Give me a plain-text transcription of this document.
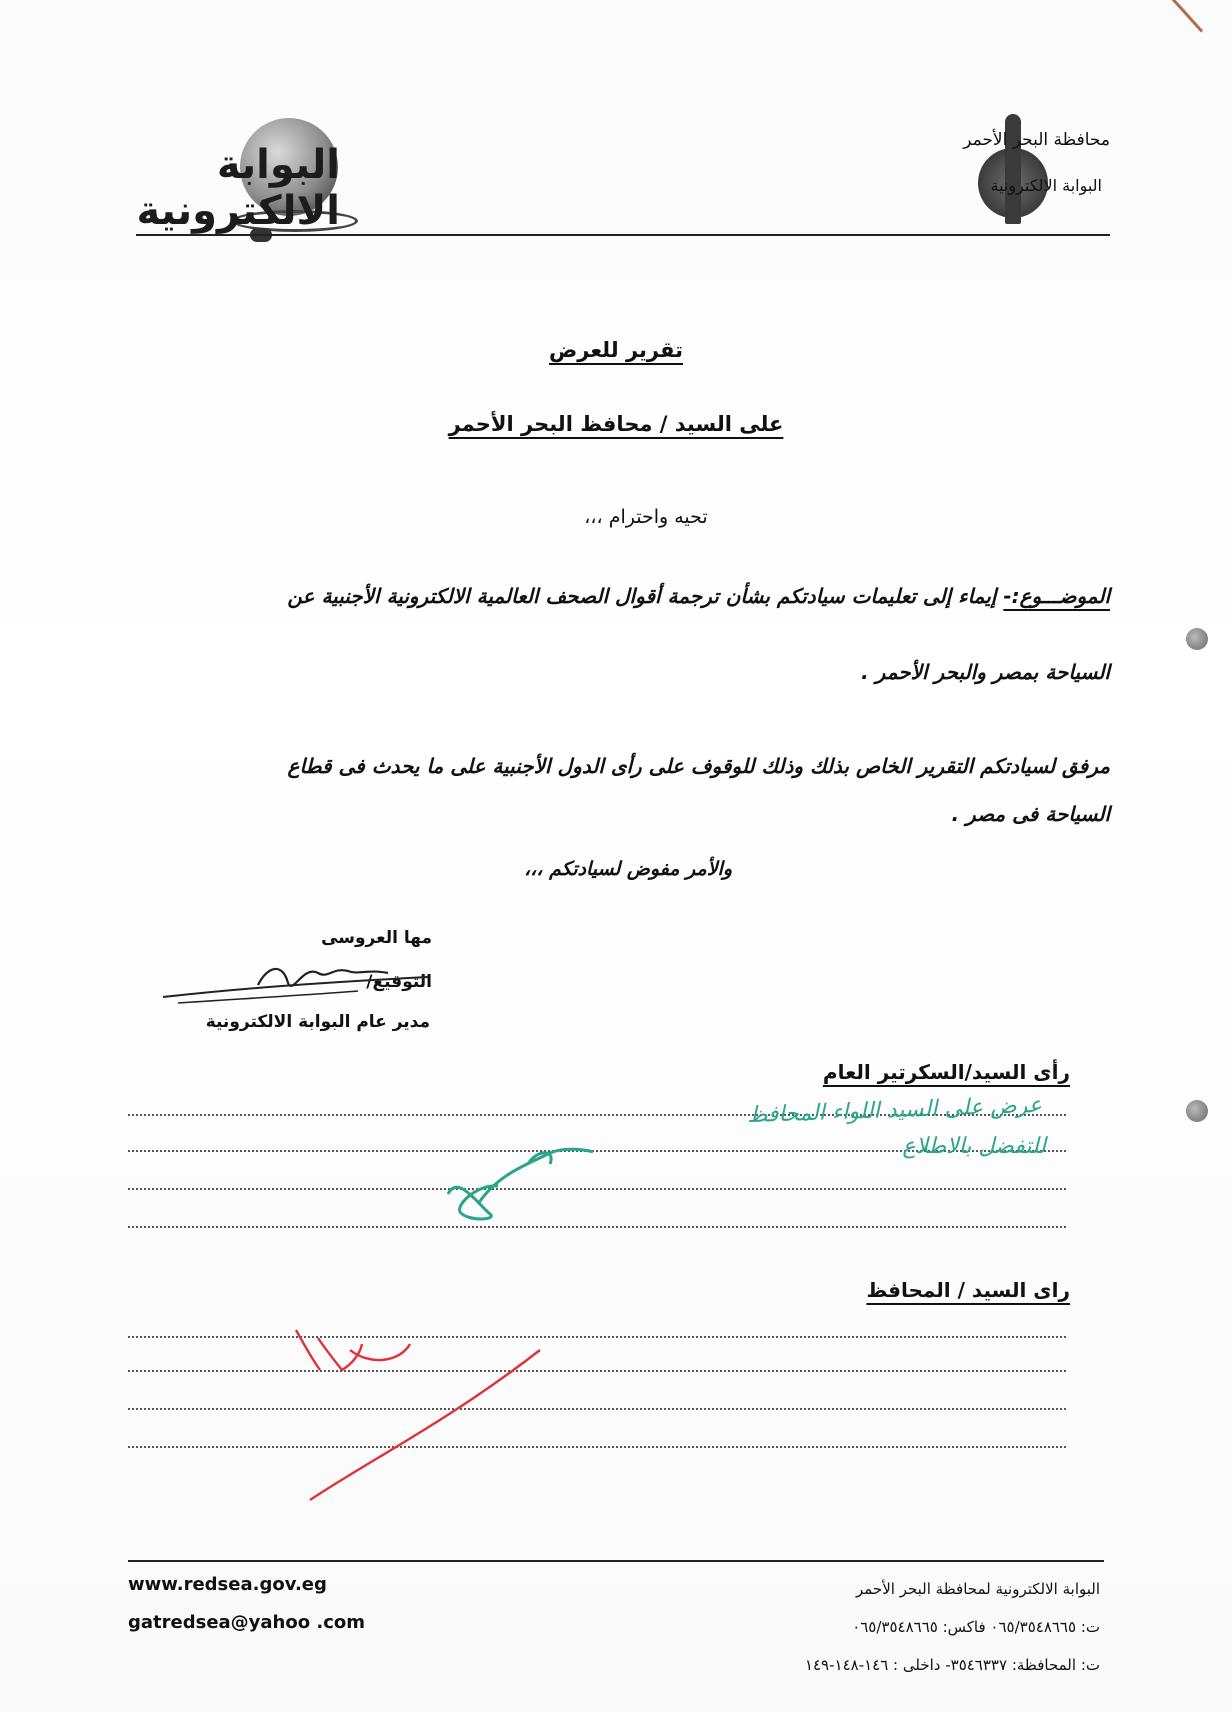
البوابة الالكترونية
محافظة البحر الأحمر
البوابة الالكترونية
تقرير للعرض
على السيد / محافظ البحر الأحمر
تحيه واحترام ،،،
الموضـــوع:- إيماء إلى تعليمات سيادتكم بشأن ترجمة أقوال الصحف العالمية الالكترونية الأجنبية عن
السياحة بمصر والبحر الأحمر .
مرفق لسيادتكم التقرير الخاص بذلك وذلك للوقوف على رأى الدول الأجنبية على ما يحدث فى قطاع
السياحة فى مصر .
والأمر مفوض لسيادتكم ،،،
مها العروسى
التوقيع/
مدير عام البوابة الالكترونية
رأى السيد/السكرتير العام
عرض على السيد اللواء المحافظ
للتفضل بالاطلاع
راى السيد / المحافظ
www.redsea.gov.eg
gatredsea@yahoo .com
البوابة الالكترونية لمحافظة البحر الأحمر
ت: ٠٦٥/٣٥٤٨٦٦٥ فاكس: ٠٦٥/٣٥٤٨٦٦٥
ت: المحافظة: ٣٥٤٦٣٣٧- داخلى : ١٤٦-١٤٨-١٤٩
